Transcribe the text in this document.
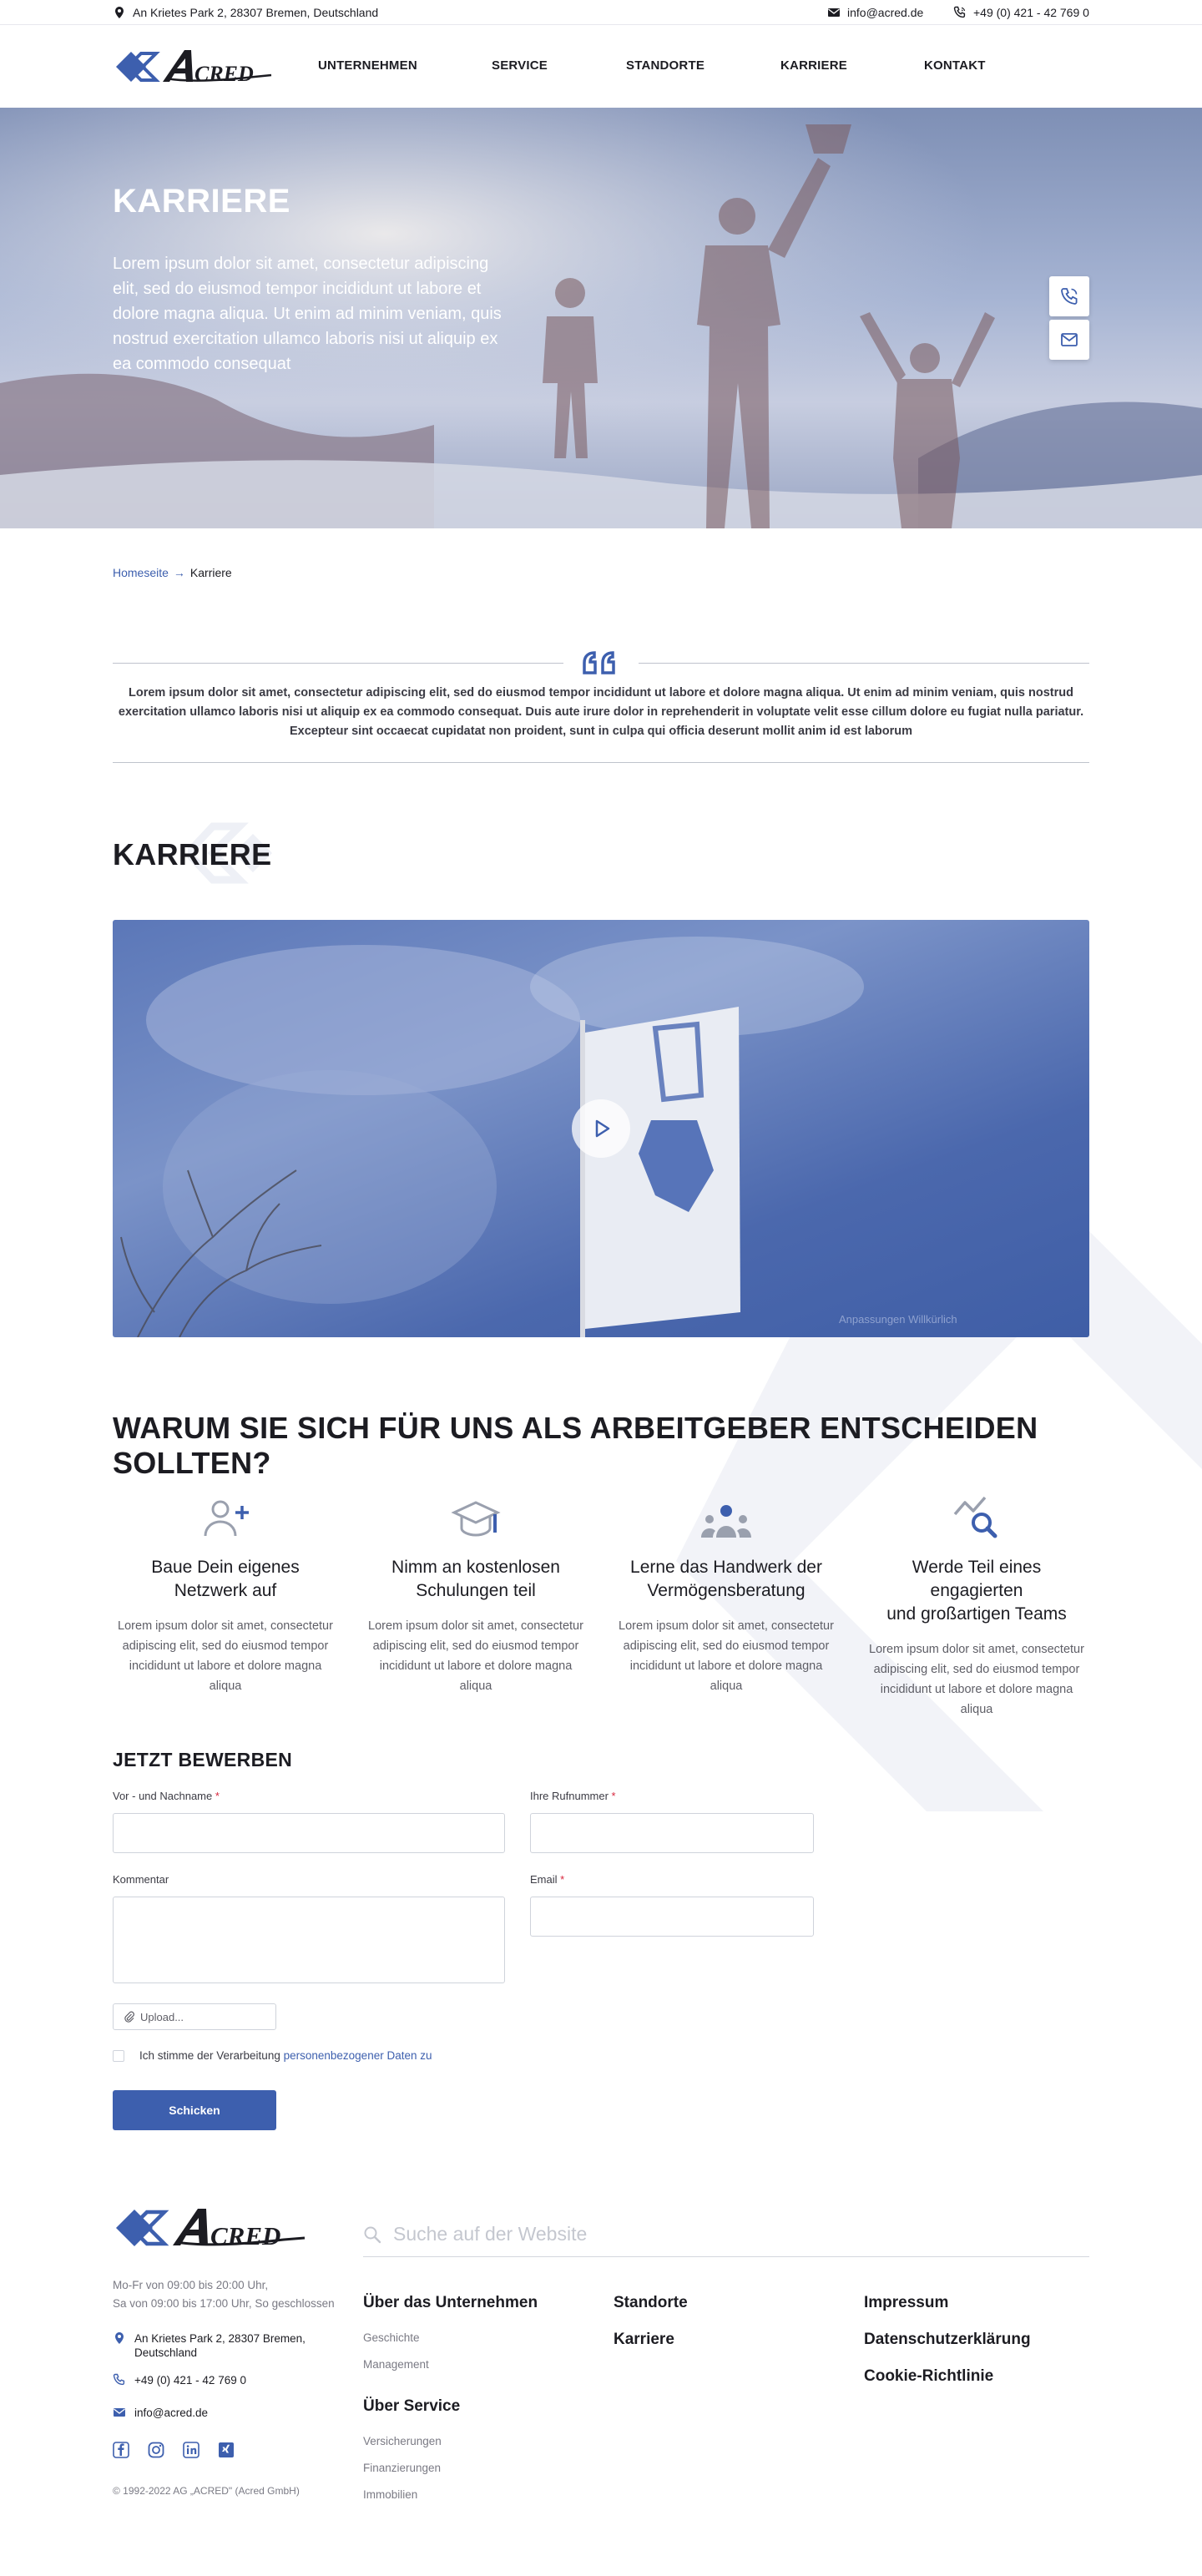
An Krietes Park 2, 28307 Bremen, Deutschland	info@acred.de	+49 (0) 421 - 42 769 0
CRED	UNTERNEHMEN	SERVICE	STANDORTE	KARRIERE	KONTAKT
KARRIERE
Lorem ipsum dolor sit amet, consectetur adipiscing elit, sed do eiusmod tempor incididunt ut labore et dolore magna aliqua. Ut enim ad minim veniam, quis nostrud exercitation ullamco laboris nisi ut aliquip ex ea commodo consequat
Homeseite → Karriere
Lorem ipsum dolor sit amet, consectetur adipiscing elit, sed do eiusmod tempor incididunt ut labore et dolore magna aliqua. Ut enim ad minim veniam, quis nostrud exercitation ullamco laboris nisi ut aliquip ex ea commodo consequat. Duis aute irure dolor in reprehenderit in voluptate velit esse cillum dolore eu fugiat nulla pariatur. Excepteur sint occaecat cupidatat non proident, sunt in culpa qui officia deserunt mollit anim id est laborum
KARRIERE
Anpassungen Willkürlich
WARUM SIE SICH FÜR UNS ALS ARBEITGEBER ENTSCHEIDEN SOLLTEN?
Baue Dein eigenes
Netzwerk auf

Lorem ipsum dolor sit amet, consectetur adipiscing elit, sed do eiusmod tempor incididunt ut labore et dolore magna aliqua

Nimm an kostenlosen
Schulungen teil

Lorem ipsum dolor sit amet, consectetur adipiscing elit, sed do eiusmod tempor incididunt ut labore et dolore magna aliqua

Lerne das Handwerk der
Vermögensberatung

Lorem ipsum dolor sit amet, consectetur adipiscing elit, sed do eiusmod tempor incididunt ut labore et dolore magna aliqua

Werde Teil eines engagierten
und großartigen Teams

Lorem ipsum dolor sit amet, consectetur adipiscing elit, sed do eiusmod tempor incididunt ut labore et dolore magna aliqua

JETZT BEWERBEN
Vor - und Nachname *	Ihre Rufnummer *
Kommentar	Email *
Upload...
Ich stimme der Verarbeitung personenbezogener Daten zu
Schicken
CRED
Mo-Fr von 09:00 bis 20:00 Uhr,
Sa von 09:00 bis 17:00 Uhr, So geschlossen
An Krietes Park 2, 28307 Bremen,
Deutschland
+49 (0) 421 - 42 769 0
info@acred.de
© 1992-2022 AG „ACRED" (Acred GmbH)
Suche auf der Website
Über das Unternehmen
Geschichte
Management
Über Service
Versicherungen
Finanzierungen
Immobilien
Standorte
Karriere
Impressum
Datenschutzerklärung
Cookie-Richtlinie
